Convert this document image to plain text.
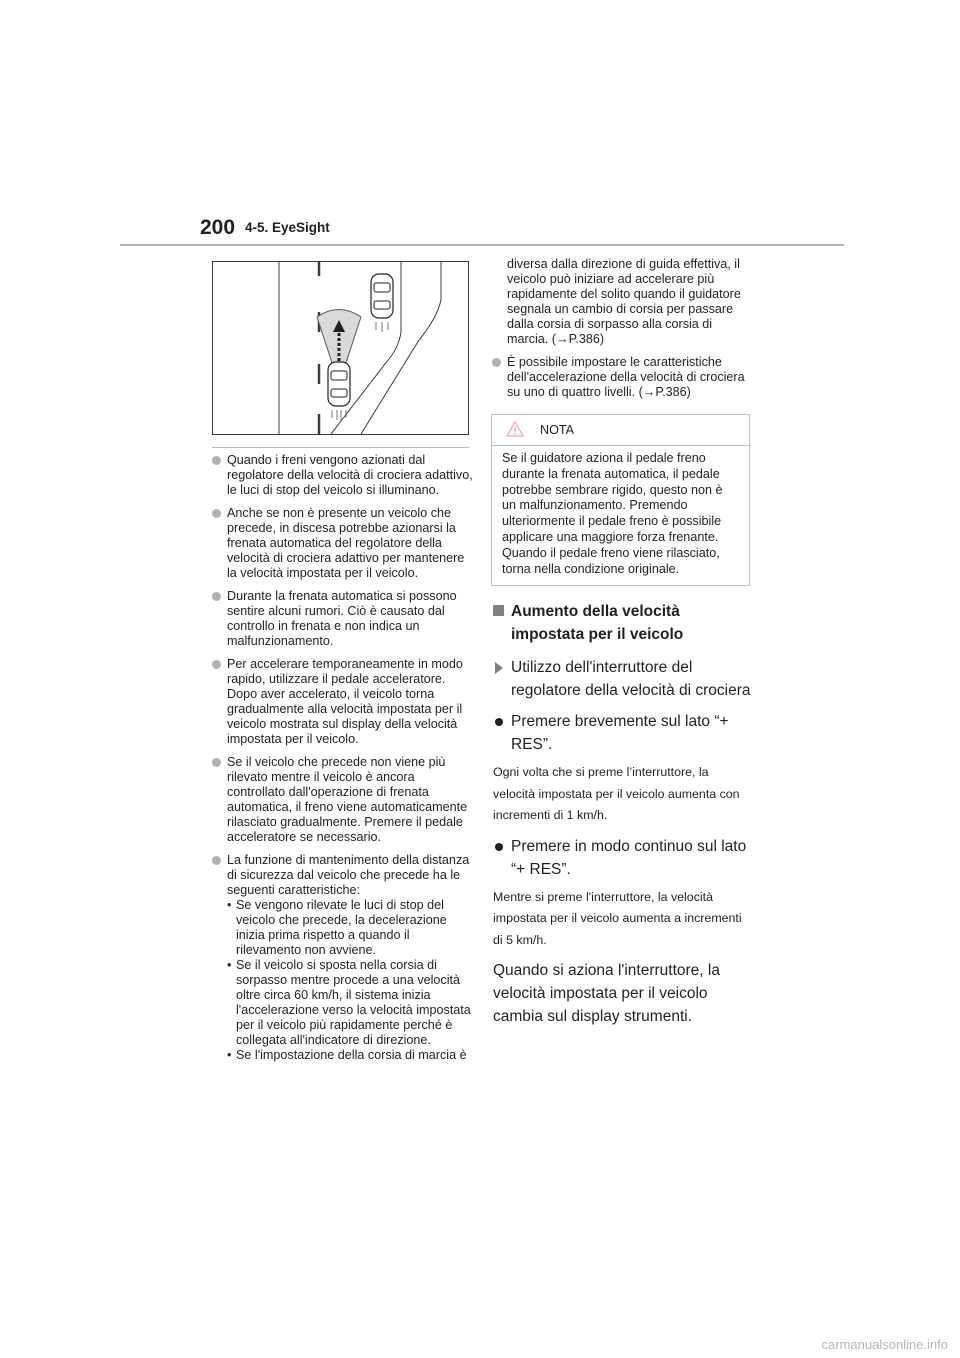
200 4-5. EyeSight
Quando i freni vengono azionati dal regolatore della velocità di crociera adattivo, le luci di stop del veicolo si illuminano.
Anche se non è presente un veicolo che precede, in discesa potrebbe azionarsi la frenata automatica del regolatore della velocità di crociera adattivo per mantenere la velocità impostata per il veicolo.
Durante la frenata automatica si possono sentire alcuni rumori. Ciò è causato dal controllo in frenata e non indica un malfunzionamento.
Per accelerare temporaneamente in modo rapido, utilizzare il pedale acceleratore. Dopo aver accelerato, il veicolo torna gradualmente alla velocità impostata per il veicolo mostrata sul display della velocità impostata per il veicolo.
Se il veicolo che precede non viene più rilevato mentre il veicolo è ancora controllato dall'operazione di frenata automatica, il freno viene automaticamente rilasciato gradualmente. Premere il pedale acceleratore se necessario.
La funzione di mantenimento della distanza di sicurezza dal veicolo che precede ha le seguenti caratteristiche:
• Se vengono rilevate le luci di stop del veicolo che precede, la decelerazione inizia prima rispetto a quando il rilevamento non avviene.
• Se il veicolo si sposta nella corsia di sorpasso mentre procede a una velocità oltre circa 60 km/h, il sistema inizia l'accelerazione verso la velocità impostata per il veicolo più rapidamente perché è collegata all'indicatore di direzione.
• Se l'impostazione della corsia di marcia è
diversa dalla direzione di guida effettiva, il veicolo può iniziare ad accelerare più rapidamente del solito quando il guidatore segnala un cambio di corsia per passare dalla corsia di sorpasso alla corsia di marcia. (→P.386)
È possibile impostare le caratteristiche dell'accelerazione della velocità di crociera su uno di quattro livelli. (→P.386)
NOTA
Se il guidatore aziona il pedale freno durante la frenata automatica, il pedale potrebbe sembrare rigido, questo non è un malfunzionamento. Premendo ulteriormente il pedale freno è possibile applicare una maggiore forza frenante. Quando il pedale freno viene rilasciato, torna nella condizione originale.
Aumento della velocità impostata per il veicolo
Utilizzo dell'interruttore del regolatore della velocità di crociera
Premere brevemente sul lato “+ RES”.
Ogni volta che si preme l’interruttore, la velocità impostata per il veicolo aumenta con incrementi di 1 km/h.
Premere in modo continuo sul lato “+ RES”.
Mentre si preme l'interruttore, la velocità impostata per il veicolo aumenta a incrementi di 5 km/h.
Quando si aziona l'interruttore, la velocità impostata per il veicolo cambia sul display strumenti.
carmanualsonline.info
